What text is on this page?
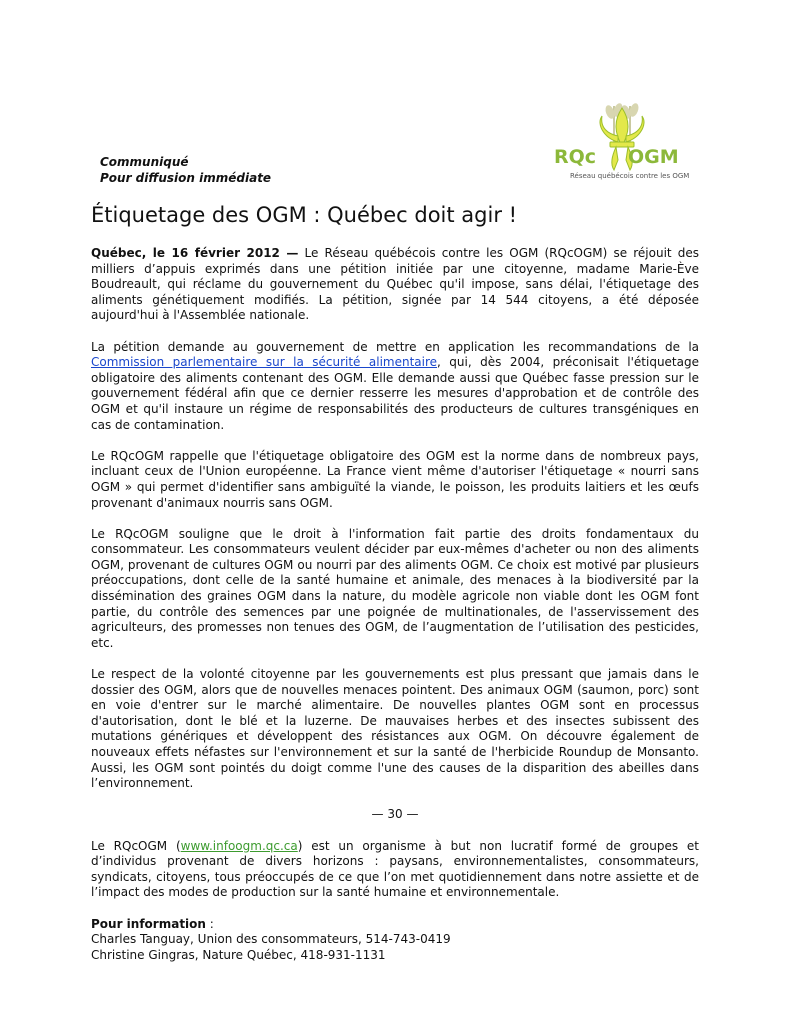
Communiqué
Pour diffusion immédiate
RQc OGM
Réseau québécois contre les OGM
Étiquetage des OGM : Québec doit agir !

Québec, le 16 février 2012 — Le Réseau québécois contre les OGM (RQcOGM) se réjouit des milliers d’appuis exprimés dans une pétition initiée par une citoyenne, madame Marie-Ève Boudreault, qui réclame du gouvernement du Québec qu'il impose, sans délai, l'étiquetage des aliments génétiquement modifiés. La pétition, signée par 14 544 citoyens, a été déposée aujourd'hui à l'Assemblée nationale.

La pétition demande au gouvernement de mettre en application les recommandations de la Commission parlementaire sur la sécurité alimentaire, qui, dès 2004, préconisait l'étiquetage obligatoire des aliments contenant des OGM. Elle demande aussi que Québec fasse pression sur le gouvernement fédéral afin que ce dernier resserre les mesures d'approbation et de contrôle des OGM et qu'il instaure un régime de responsabilités des producteurs de cultures transgéniques en cas de contamination.

Le RQcOGM rappelle que l'étiquetage obligatoire des OGM est la norme dans de nombreux pays, incluant ceux de l'Union européenne. La France vient même d'autoriser l'étiquetage « nourri sans OGM » qui permet d'identifier sans ambiguïté la viande, le poisson, les produits laitiers et les œufs provenant d'animaux nourris sans OGM.

Le RQcOGM souligne que le droit à l'information fait partie des droits fondamentaux du consommateur. Les consommateurs veulent décider par eux-mêmes d'acheter ou non des aliments OGM, provenant de cultures OGM ou nourri par des aliments OGM. Ce choix est motivé par plusieurs préoccupations, dont celle de la santé humaine et animale, des menaces à la biodiversité par la dissémination des graines OGM dans la nature, du modèle agricole non viable dont les OGM font partie, du contrôle des semences par une poignée de multinationales, de l'asservissement des agriculteurs, des promesses non tenues des OGM, de l’augmentation de l’utilisation des pesticides, etc.

Le respect de la volonté citoyenne par les gouvernements est plus pressant que jamais dans le dossier des OGM, alors que de nouvelles menaces pointent. Des animaux OGM (saumon, porc) sont en voie d'entrer sur le marché alimentaire. De nouvelles plantes OGM sont en processus d'autorisation, dont le blé et la luzerne. De mauvaises herbes et des insectes subissent des mutations génériques et développent des résistances aux OGM. On découvre également de nouveaux effets néfastes sur l'environnement et sur la santé de l'herbicide Roundup de Monsanto. Aussi, les OGM sont pointés du doigt comme l'une des causes de la disparition des abeilles dans l’environnement.

— 30 —

Le RQcOGM (www.infoogm.qc.ca) est un organisme à but non lucratif formé de groupes et d’individus provenant de divers horizons : paysans, environnementalistes, consommateurs, syndicats, citoyens, tous préoccupés de ce que l’on met quotidiennement dans notre assiette et de l’impact des modes de production sur la santé humaine et environnementale.

Pour information :
Charles Tanguay, Union des consommateurs, 514-743-0419
Christine Gingras, Nature Québec, 418-931-1131
